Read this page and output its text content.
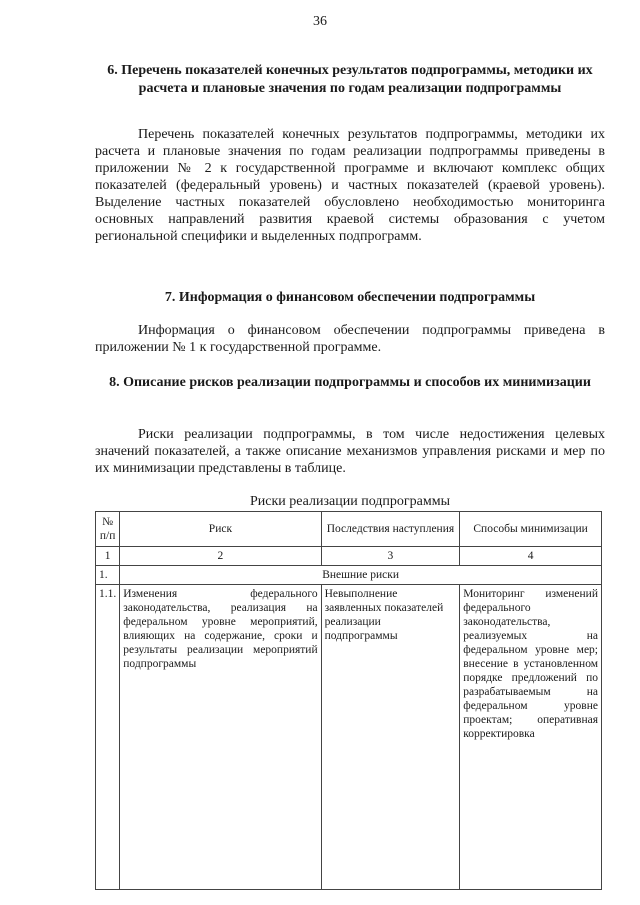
36
6. Перечень показателей конечных результатов подпрограммы, методики их расчета и плановые значения по годам реализации подпрограммы
Перечень показателей конечных результатов подпрограммы, методики их расчета и плановые значения по годам реализации подпрограммы приведены в приложении № 2 к государственной программе и включают комплекс общих показателей (федеральный уровень) и частных показателей (краевой уровень). Выделение частных показателей обусловлено необходимостью мониторинга основных направлений развития краевой системы образования с учетом региональной специфики и выделенных подпрограмм.
7. Информация о финансовом обеспечении подпрограммы
Информация о финансовом обеспечении подпрограммы приведена в приложении № 1 к государственной программе.
8. Описание рисков реализации подпрограммы и способов их минимизации
Риски реализации подпрограммы, в том числе недостижения целевых значений показателей, а также описание механизмов управления рисками и мер по их минимизации представлены в таблице.
Риски реализации подпрограммы
№ п/п	Риск	Последствия наступления	Способы минимизации
1	2	3	4
1.	Внешние риски		
1.1.	Изменения федерального законодательства, реализация на федеральном уровне мероприятий, влияющих на содержание, сроки и результаты реализации мероприятий подпрограммы	Невыполнение заявленных показателей реализации подпрограммы	Мониторинг изменений федерального законодательства, реализуемых на федеральном уровне мер; внесение в установленном порядке предложений по разрабатываемым на федеральном уровне проектам; оперативная корректировка
